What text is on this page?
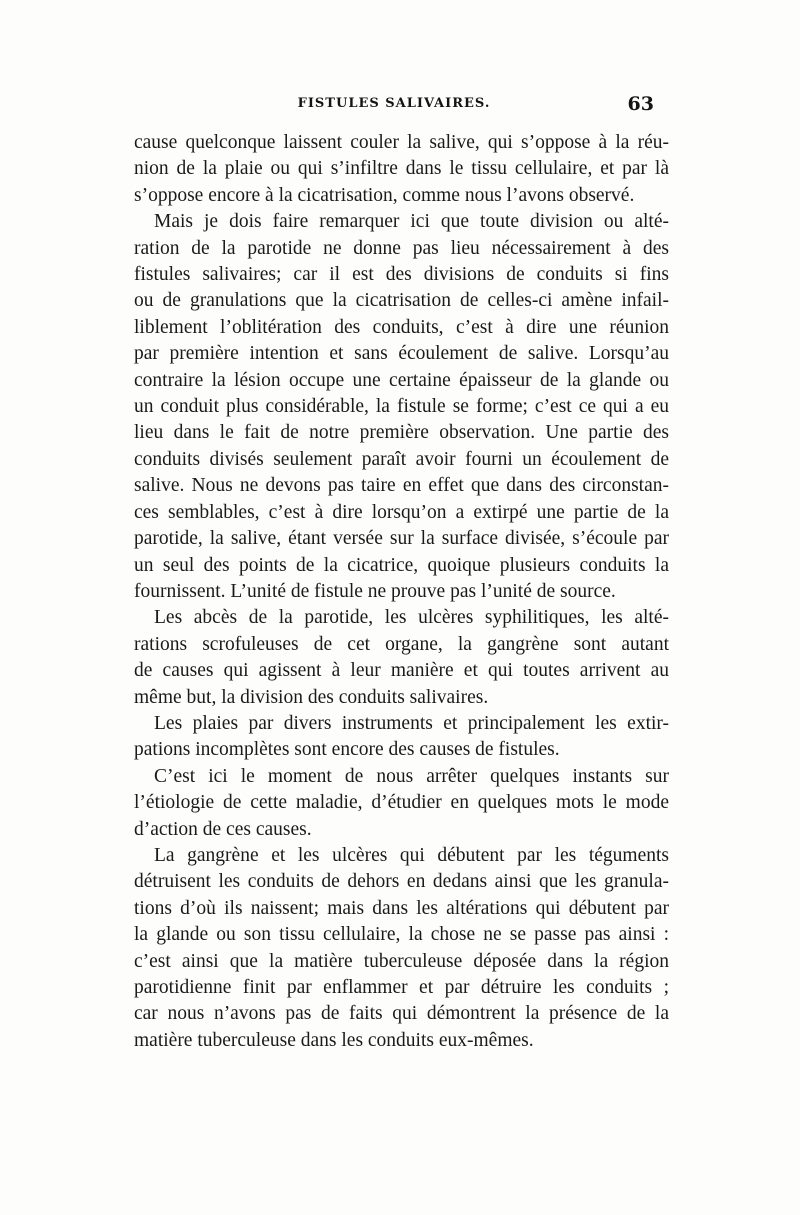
FISTULES SALIVAIRES.	63
cause quelconque laissent couler la salive, qui s’oppose à la réu-
nion de la plaie ou qui s’infiltre dans le tissu cellulaire, et par là
s’oppose encore à la cicatrisation, comme nous l’avons observé.
Mais je dois faire remarquer ici que toute division ou alté-
ration de la parotide ne donne pas lieu nécessairement à des
fistules salivaires; car il est des divisions de conduits si fins
ou de granulations que la cicatrisation de celles-ci amène infail-
liblement l’oblitération des conduits, c’est à dire une réunion
par première intention et sans écoulement de salive. Lorsqu’au
contraire la lésion occupe une certaine épaisseur de la glande ou
un conduit plus considérable, la fistule se forme; c’est ce qui a eu
lieu dans le fait de notre première observation. Une partie des
conduits divisés seulement paraît avoir fourni un écoulement de
salive. Nous ne devons pas taire en effet que dans des circonstan-
ces semblables, c’est à dire lorsqu’on a extirpé une partie de la
parotide, la salive, étant versée sur la surface divisée, s’écoule par
un seul des points de la cicatrice, quoique plusieurs conduits la
fournissent. L’unité de fistule ne prouve pas l’unité de source.
Les abcès de la parotide, les ulcères syphilitiques, les alté-
rations scrofuleuses de cet organe, la gangrène sont autant
de causes qui agissent à leur manière et qui toutes arrivent au
même but, la division des conduits salivaires.
Les plaies par divers instruments et principalement les extir-
pations incomplètes sont encore des causes de fistules.
C’est ici le moment de nous arrêter quelques instants sur
l’étiologie de cette maladie, d’étudier en quelques mots le mode
d’action de ces causes.
La gangrène et les ulcères qui débutent par les téguments
détruisent les conduits de dehors en dedans ainsi que les granula-
tions d’où ils naissent; mais dans les altérations qui débutent par
la glande ou son tissu cellulaire, la chose ne se passe pas ainsi :
c’est ainsi que la matière tuberculeuse déposée dans la région
parotidienne finit par enflammer et par détruire les conduits ;
car nous n’avons pas de faits qui démontrent la présence de la
matière tuberculeuse dans les conduits eux-mêmes.
